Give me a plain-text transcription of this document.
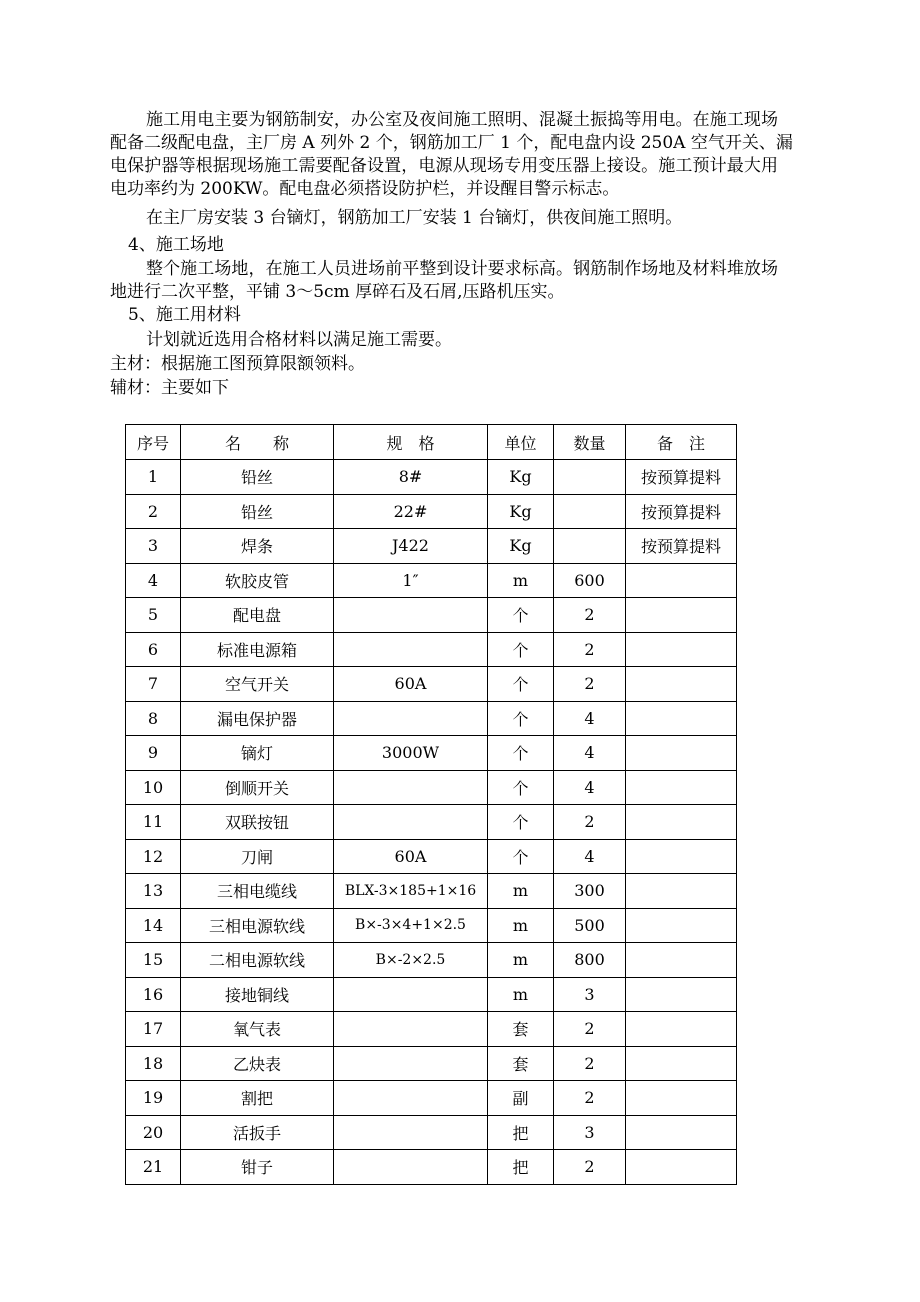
施工用电主要为钢筋制安，办公室及夜间施工照明、混凝土振捣等用电。在施工现场
配备二级配电盘，主厂房 A 列外 2 个，钢筋加工厂 1 个，配电盘内设 250A 空气开关、漏
电保护器等根据现场施工需要配备设置，电源从现场专用变压器上接设。施工预计最大用
电功率约为 200KW。配电盘必须搭设防护栏，并设醒目警示标志。
在主厂房安装 3 台镝灯，钢筋加工厂安装 1 台镝灯，供夜间施工照明。
4、施工场地
整个施工场地，在施工人员进场前平整到设计要求标高。钢筋制作场地及材料堆放场
地进行二次平整，平铺 3～5cm 厚碎石及石屑,压路机压实。
5、施工用材料
计划就近选用合格材料以满足施工需要。
主材：根据施工图预算限额领料。
辅材：主要如下
序号	名　　称	规　格	单位	数量	备　注
1	铅丝	8#	Kg		按预算提料
2	铅丝	22#	Kg		按预算提料
3	焊条	J422	Kg		按预算提料
4	软胶皮管	1″	m	600	
5	配电盘		个	2	
6	标准电源箱		个	2	
7	空气开关	60A	个	2	
8	漏电保护器		个	4	
9	镝灯	3000W	个	4	
10	倒顺开关		个	4	
11	双联按钮		个	2	
12	刀闸	60A	个	4	
13	三相电缆线	BLX-3×185+1×16	m	300	
14	三相电源软线	B×-3×4+1×2.5	m	500	
15	二相电源软线	B×-2×2.5	m	800	
16	接地铜线		m	3	
17	氧气表		套	2	
18	乙炔表		套	2	
19	割把		副	2	
20	活扳手		把	3	
21	钳子		把	2	
